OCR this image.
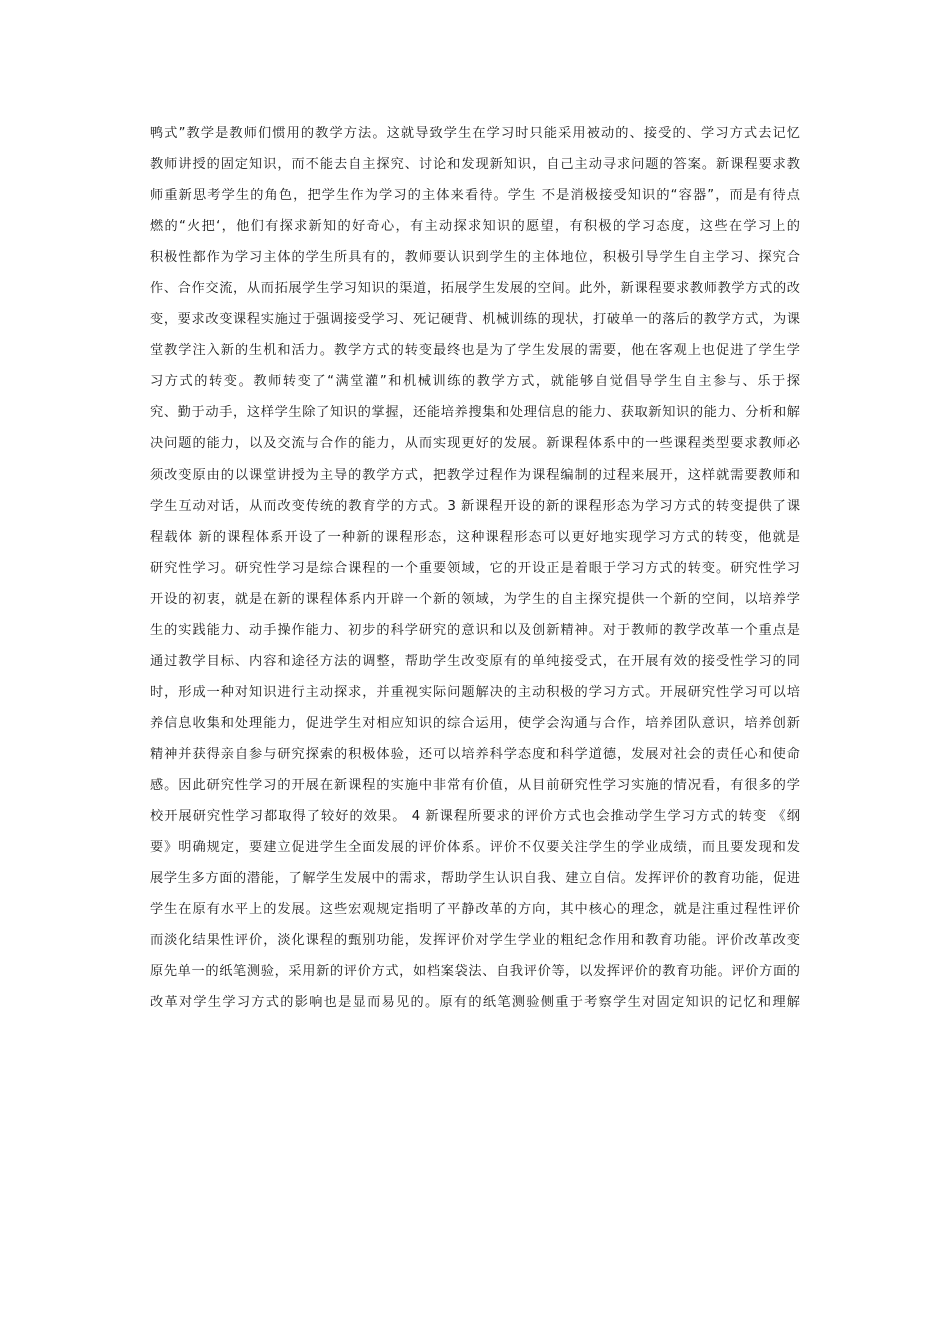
鸭式”教学是教师们惯用的教学方法。这就导致学生在学习时只能采用被动的、接受的、学习方式去记忆
教师讲授的固定知识，而不能去自主探究、讨论和发现新知识，自己主动寻求问题的答案。新课程要求教
师重新思考学生的角色，把学生作为学习的主体来看待。学生 不是消极接受知识的“容器”，而是有待点
燃的“火把‘，他们有探求新知的好奇心，有主动探求知识的愿望，有积极的学习态度，这些在学习上的
积极性都作为学习主体的学生所具有的，教师要认识到学生的主体地位，积极引导学生自主学习、探究合
作、合作交流，从而拓展学生学习知识的渠道，拓展学生发展的空间。此外，新课程要求教师教学方式的改
变，要求改变课程实施过于强调接受学习、死记硬背、机械训练的现状，打破单一的落后的教学方式，为课
堂教学注入新的生机和活力。教学方式的转变最终也是为了学生发展的需要，他在客观上也促进了学生学
习方式的转变。教师转变了“满堂灌”和机械训练的教学方式，就能够自觉倡导学生自主参与、乐于探
究、勤于动手，这样学生除了知识的掌握，还能培养搜集和处理信息的能力、获取新知识的能力、分析和解
决问题的能力，以及交流与合作的能力，从而实现更好的发展。新课程体系中的一些课程类型要求教师必
须改变原由的以课堂讲授为主导的教学方式，把教学过程作为课程编制的过程来展开，这样就需要教师和
学生互动对话，从而改变传统的教育学的方式。3 新课程开设的新的课程形态为学习方式的转变提供了课
程载体 新的课程体系开设了一种新的课程形态，这种课程形态可以更好地实现学习方式的转变，他就是
研究性学习。研究性学习是综合课程的一个重要领域，它的开设正是着眼于学习方式的转变。研究性学习
开设的初衷，就是在新的课程体系内开辟一个新的领域，为学生的自主探究提供一个新的空间，以培养学
生的实践能力、动手操作能力、初步的科学研究的意识和以及创新精神。对于教师的教学改革一个重点是
通过教学目标、内容和途径方法的调整，帮助学生改变原有的单纯接受式，在开展有效的接受性学习的同
时，形成一种对知识进行主动探求，并重视实际问题解决的主动积极的学习方式。开展研究性学习可以培
养信息收集和处理能力，促进学生对相应知识的综合运用，使学会沟通与合作，培养团队意识，培养创新
精神并获得亲自参与研究探索的积极体验，还可以培养科学态度和科学道德，发展对社会的责任心和使命
感。因此研究性学习的开展在新课程的实施中非常有价值，从目前研究性学习实施的情况看，有很多的学
校开展研究性学习都取得了较好的效果。 4 新课程所要求的评价方式也会推动学生学习方式的转变 《纲
要》明确规定，要建立促进学生全面发展的评价体系。评价不仅要关注学生的学业成绩，而且要发现和发
展学生多方面的潜能，了解学生发展中的需求，帮助学生认识自我、建立自信。发挥评价的教育功能，促进
学生在原有水平上的发展。这些宏观规定指明了平静改革的方向，其中核心的理念，就是注重过程性评价
而淡化结果性评价，淡化课程的甄别功能，发挥评价对学生学业的粗纪念作用和教育功能。评价改革改变
原先单一的纸笔测验，采用新的评价方式，如档案袋法、自我评价等，以发挥评价的教育功能。评价方面的
改革对学生学习方式的影响也是显而易见的。原有的纸笔测验侧重于考察学生对固定知识的记忆和理解
